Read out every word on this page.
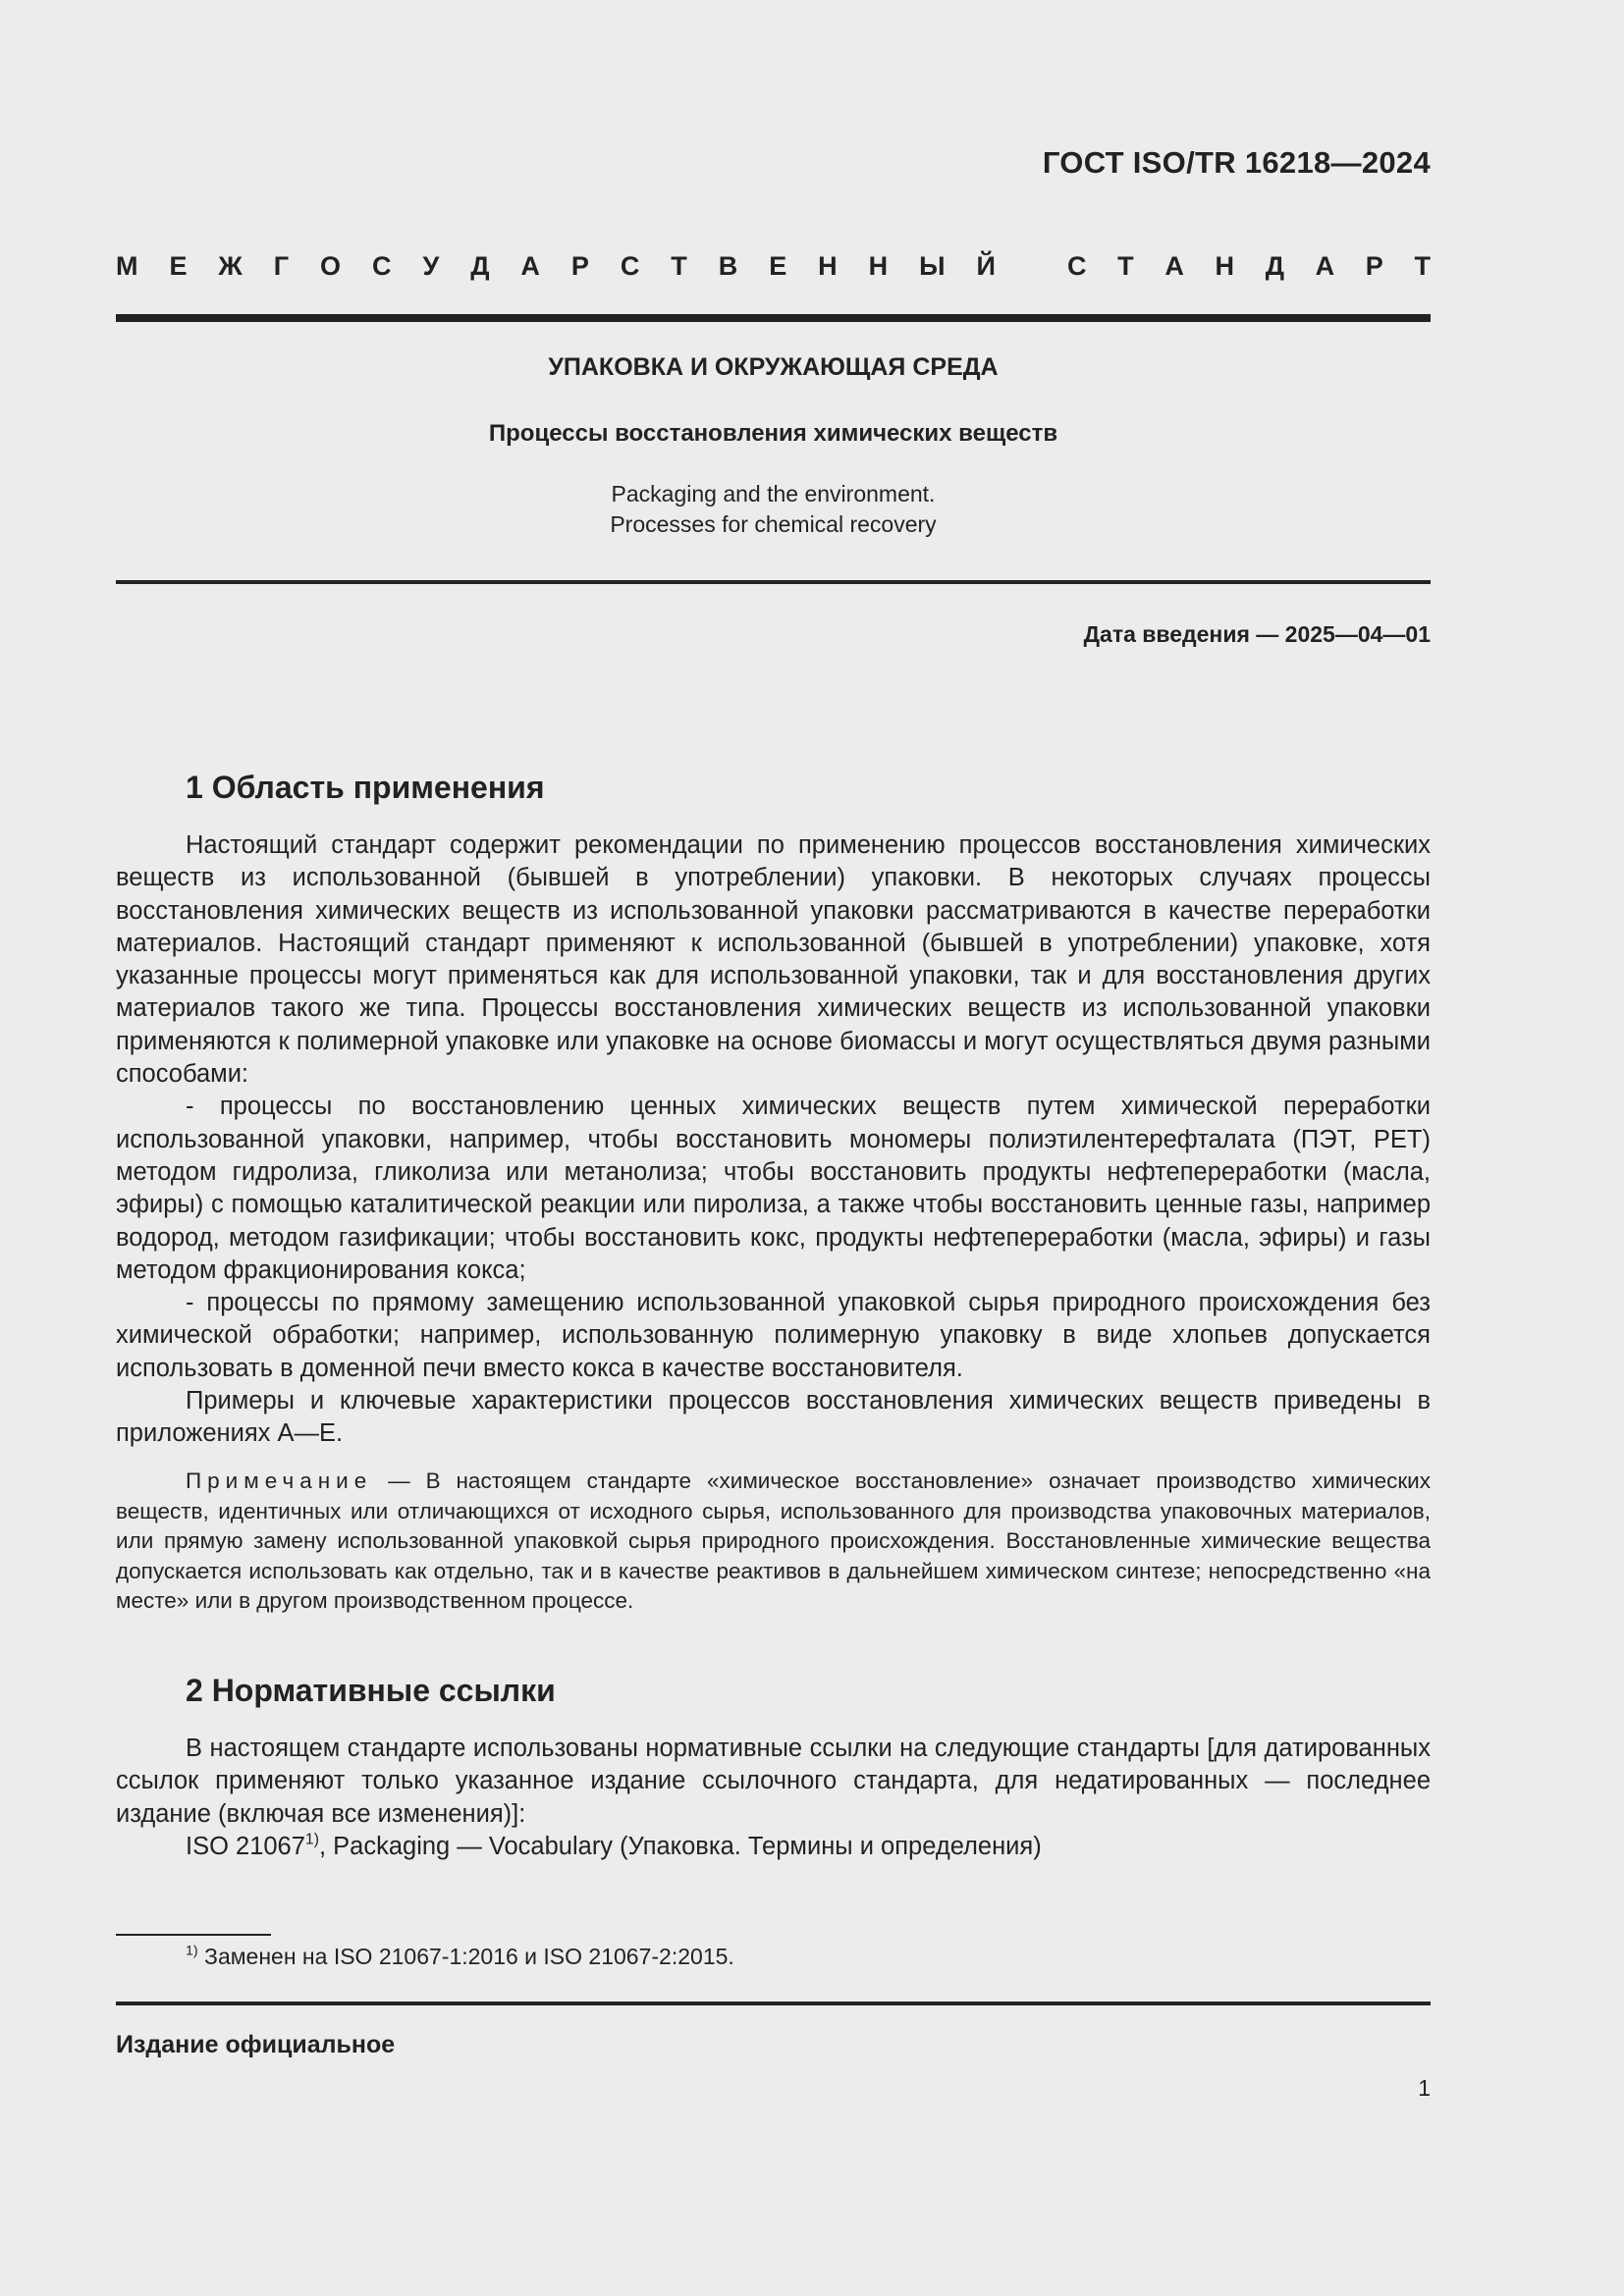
ГОСТ ISO/TR 16218—2024
М Е Ж Г О С У Д А Р С Т В Е Н Н Ы Й	С Т А Н Д А Р Т
УПАКОВКА И ОКРУЖАЮЩАЯ СРЕДА
Процессы восстановления химических веществ
Packaging and the environment.
Processes for chemical recovery
Дата введения — 2025—04—01
1 Область применения

Настоящий стандарт содержит рекомендации по применению процессов восстановления химических веществ из использованной (бывшей в употреблении) упаковки. В некоторых случаях процессы восстановления химических веществ из использованной упаковки рассматриваются в качестве переработки материалов. Настоящий стандарт применяют к использованной (бывшей в употреблении) упаковке, хотя указанные процессы могут применяться как для использованной упаковки, так и для восстановления других материалов такого же типа. Процессы восстановления химических веществ из использованной упаковки применяются к полимерной упаковке или упаковке на основе биомассы и могут осуществляться двумя разными способами:

- процессы по восстановлению ценных химических веществ путем химической переработки использованной упаковки, например, чтобы восстановить мономеры полиэтилентерефталата (ПЭТ, PET) методом гидролиза, гликолиза или метанолиза; чтобы восстановить продукты нефтепереработки (масла, эфиры) с помощью каталитической реакции или пиролиза, а также чтобы восстановить ценные газы, например водород, методом газификации; чтобы восстановить кокс, продукты нефтепереработки (масла, эфиры) и газы методом фракционирования кокса;

- процессы по прямому замещению использованной упаковкой сырья природного происхождения без химической обработки; например, использованную полимерную упаковку в виде хлопьев допускается использовать в доменной печи вместо кокса в качестве восстановителя.

Примеры и ключевые характеристики процессов восстановления химических веществ приведены в приложениях А—Е.

Примечание — В настоящем стандарте «химическое восстановление» означает производство химических веществ, идентичных или отличающихся от исходного сырья, использованного для производства упаковочных материалов, или прямую замену использованной упаковкой сырья природного происхождения. Восстановленные химические вещества допускается использовать как отдельно, так и в качестве реактивов в дальнейшем химическом синтезе; непосредственно «на месте» или в другом производственном процессе.

2 Нормативные ссылки

В настоящем стандарте использованы нормативные ссылки на следующие стандарты [для датированных ссылок применяют только указанное издание ссылочного стандарта, для недатированных — последнее издание (включая все изменения)]:

ISO 21067$^{1)}$, Packaging — Vocabulary (Упаковка. Термины и определения)

$^{1)}$ Заменен на ISO 21067-1:2016 и ISO 21067-2:2015.
Издание официальное
1
